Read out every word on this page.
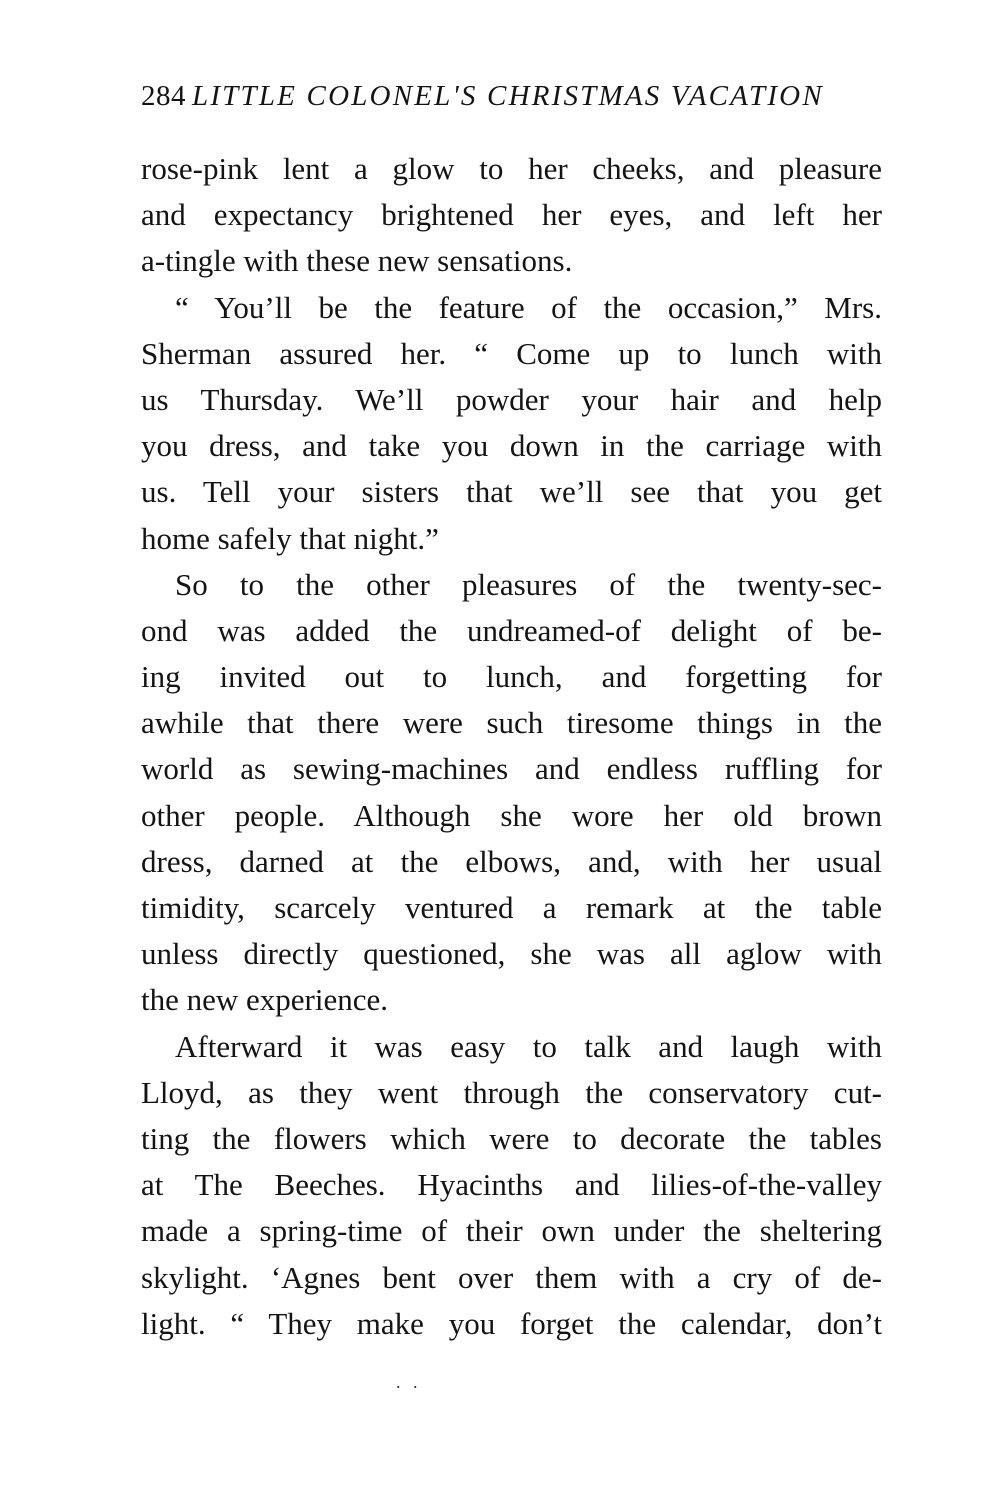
284 LITTLE COLONEL'S CHRISTMAS VACATION
rose-pink lent a glow to her cheeks, and pleasure
and expectancy brightened her eyes, and left her
a-tingle with these new sensations.
“ You’ll be the feature of the occasion,” Mrs.
Sherman assured her. “ Come up to lunch with
us Thursday. We’ll powder your hair and help
you dress, and take you down in the carriage with
us. Tell your sisters that we’ll see that you get
home safely that night.”
So to the other pleasures of the twenty-sec-
ond was added the undreamed-of delight of be-
ing invited out to lunch, and forgetting for
awhile that there were such tiresome things in the
world as sewing-machines and endless ruffling for
other people. Although she wore her old brown
dress, darned at the elbows, and, with her usual
timidity, scarcely ventured a remark at the table
unless directly questioned, she was all aglow with
the new experience.
Afterward it was easy to talk and laugh with
Lloyd, as they went through the conservatory cut-
ting the flowers which were to decorate the tables
at The Beeches. Hyacinths and lilies-of-the-valley
made a spring-time of their own under the sheltering
skylight. ‘Agnes bent over them with a cry of de-
light. “ They make you forget the calendar, don’t
. .
